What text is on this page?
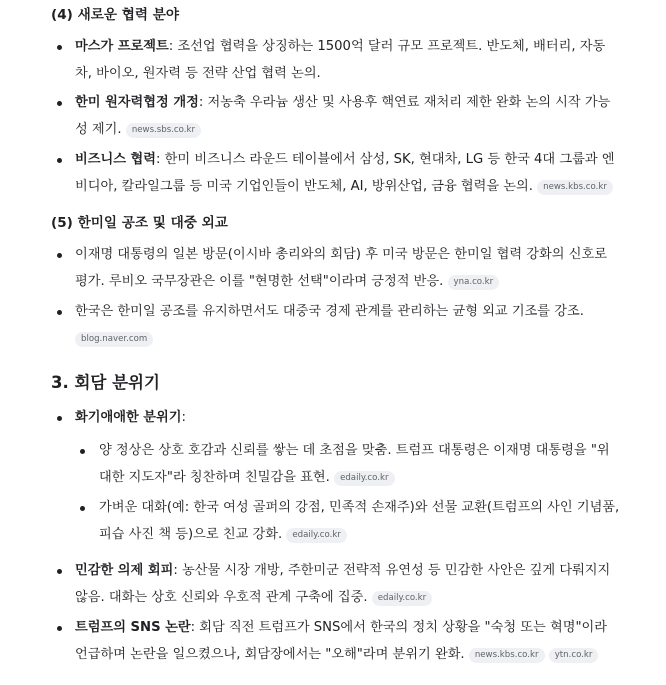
(4) 새로운 협력 분야
마스가 프로젝트: 조선업 협력을 상징하는 1500억 달러 규모 프로젝트. 반도체, 배터리, 자동
차, 바이오, 원자력 등 전략 산업 협력 논의.
한미 원자력협정 개정: 저농축 우라늄 생산 및 사용후 핵연료 재처리 제한 완화 논의 시작 가능
성 제기. news.sbs.co.kr
비즈니스 협력: 한미 비즈니스 라운드 테이블에서 삼성, SK, 현대차, LG 등 한국 4대 그룹과 엔
비디아, 칼라일그룹 등 미국 기업인들이 반도체, AI, 방위산업, 금융 협력을 논의. news.kbs.co.kr
(5) 한미일 공조 및 대중 외교
이재명 대통령의 일본 방문(이시바 총리와의 회담) 후 미국 방문은 한미일 협력 강화의 신호로
평가. 루비오 국무장관은 이를 "현명한 선택"이라며 긍정적 반응. yna.co.kr
한국은 한미일 공조를 유지하면서도 대중국 경제 관계를 관리하는 균형 외교 기조를 강조.
blog.naver.com
3. 회담 분위기
화기애애한 분위기:
양 정상은 상호 호감과 신뢰를 쌓는 데 초점을 맞춤. 트럼프 대통령은 이재명 대통령을 "위
대한 지도자"라 칭찬하며 친밀감을 표현. edaily.co.kr
가벼운 대화(예: 한국 여성 골퍼의 강점, 민족적 손재주)와 선물 교환(트럼프의 사인 기념품,
피습 사진 책 등)으로 친교 강화. edaily.co.kr
민감한 의제 회피: 농산물 시장 개방, 주한미군 전략적 유연성 등 민감한 사안은 깊게 다뤄지지
않음. 대화는 상호 신뢰와 우호적 관계 구축에 집중. edaily.co.kr
트럼프의 SNS 논란: 회담 직전 트럼프가 SNS에서 한국의 정치 상황을 "숙청 또는 혁명"이라
언급하며 논란을 일으켰으나, 회담장에서는 "오해"라며 분위기 완화. news.kbs.co.kr ytn.co.kr
